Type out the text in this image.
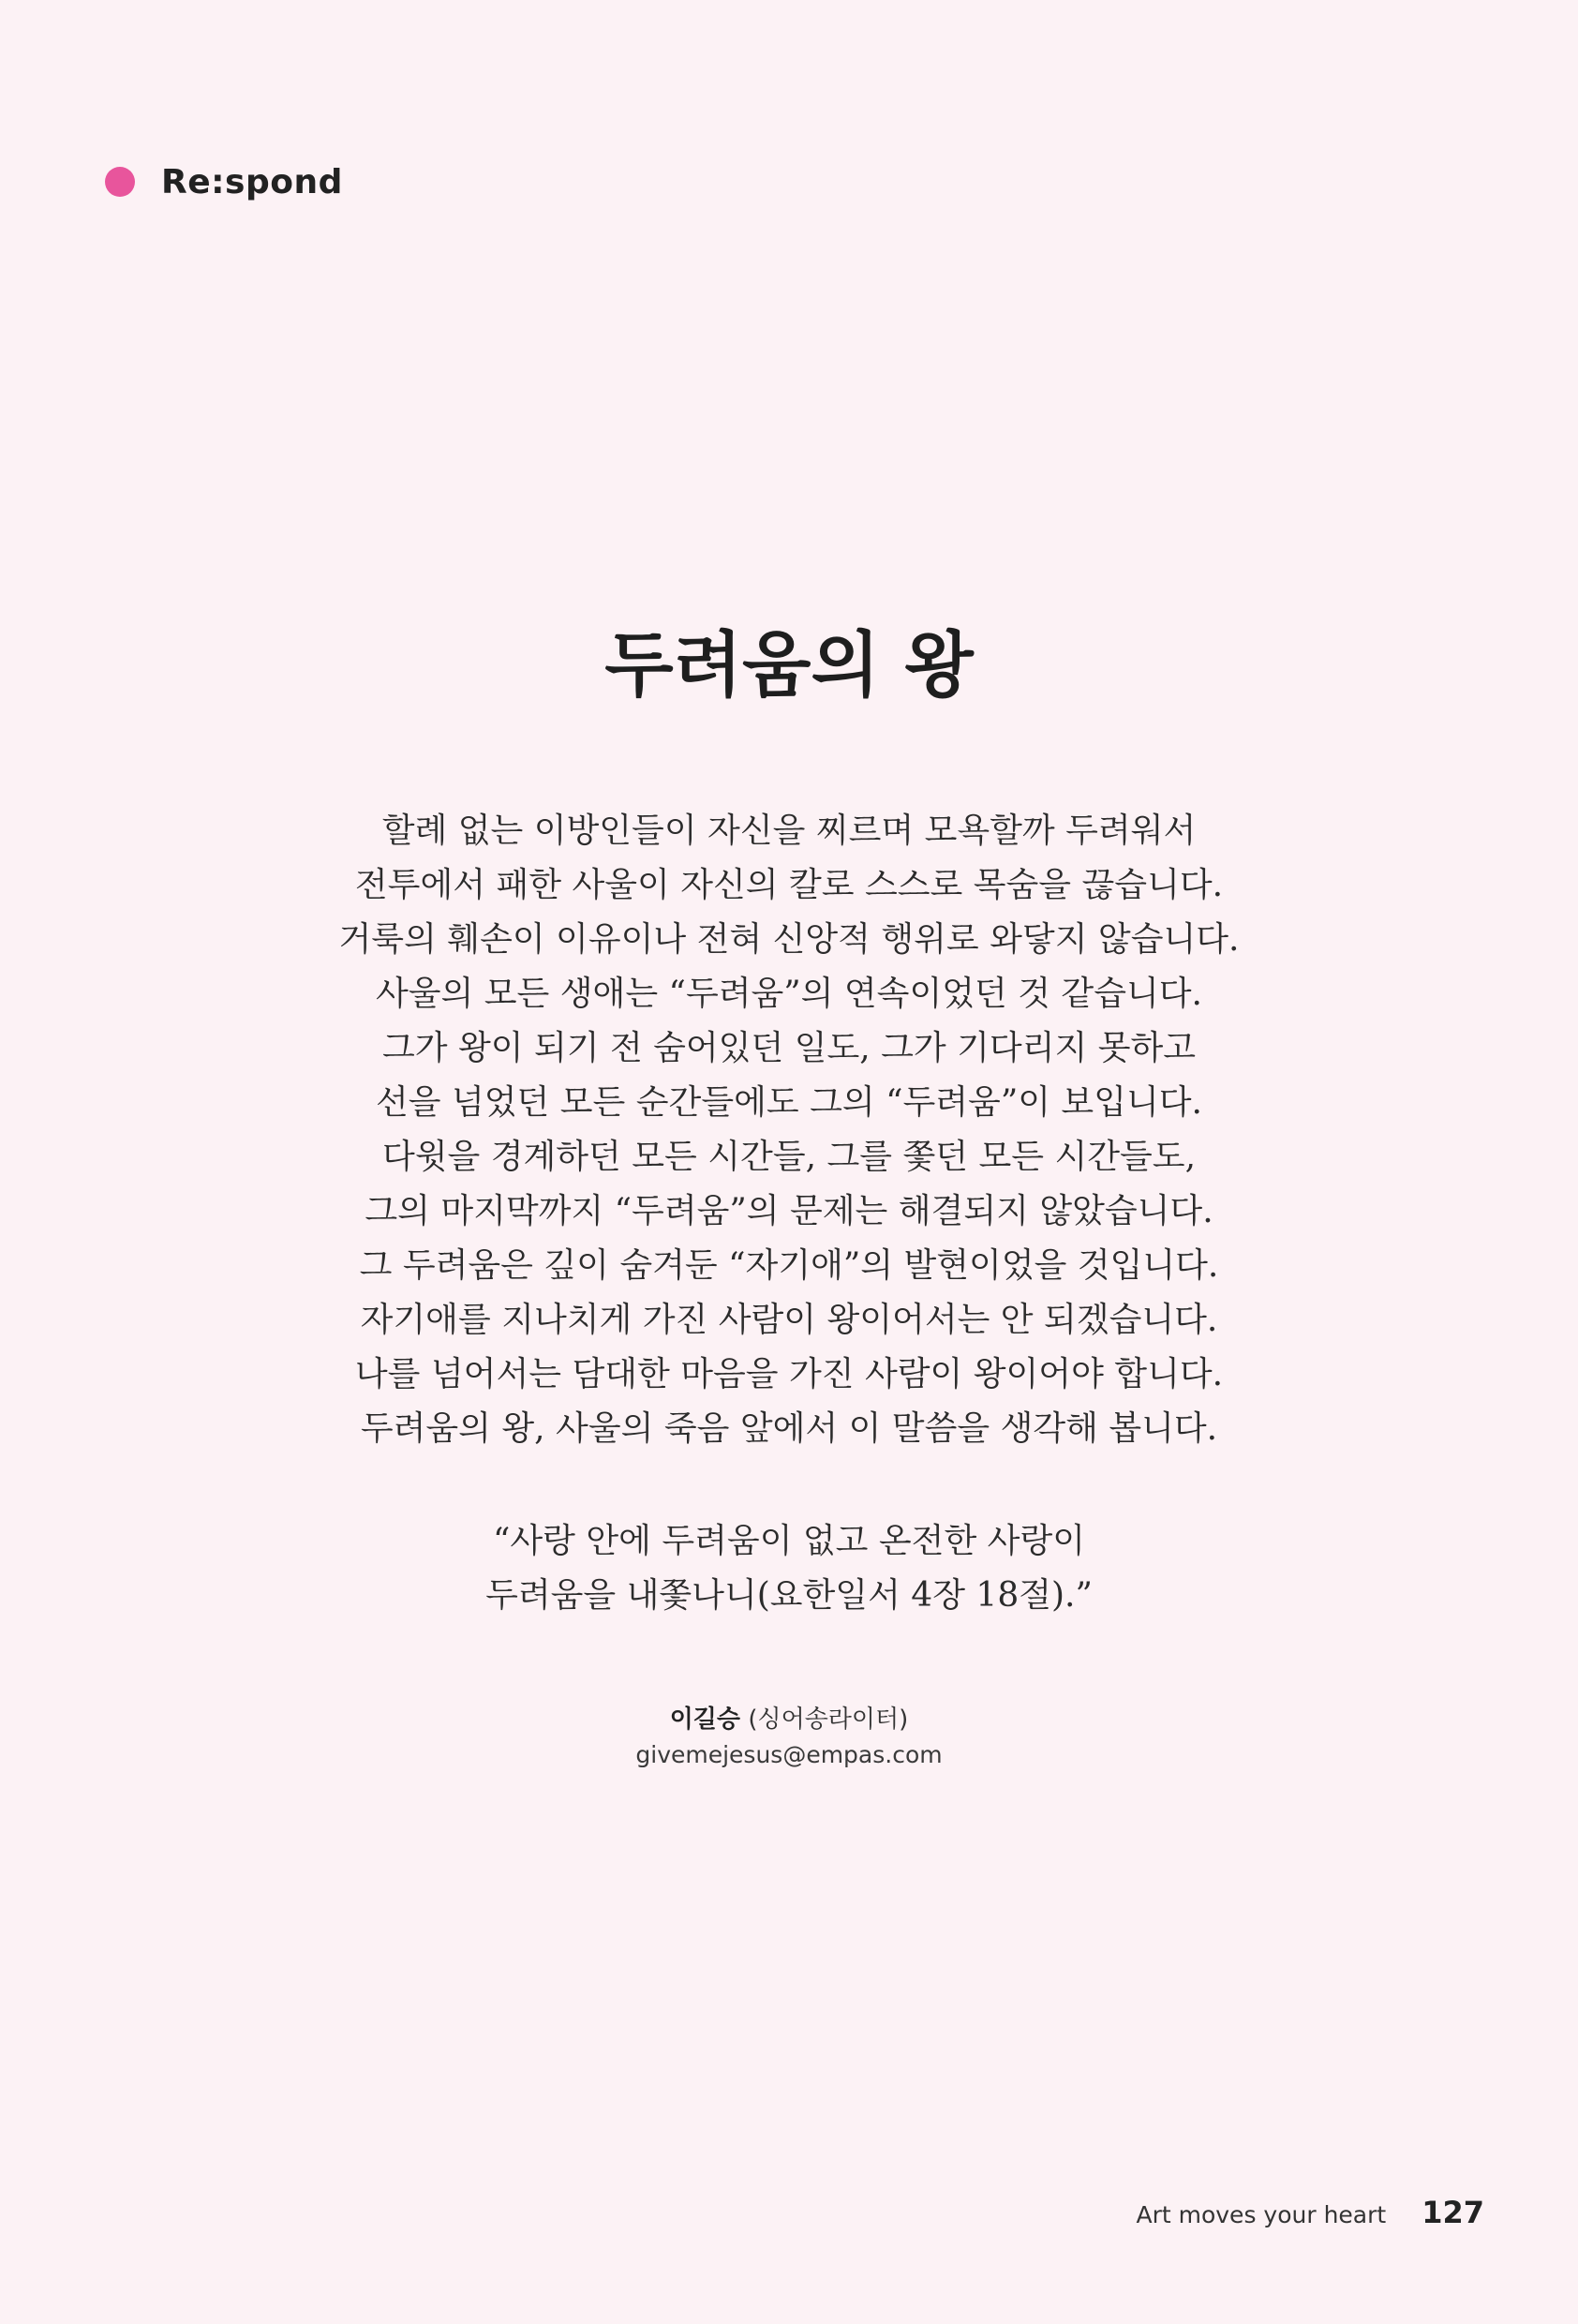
Re:spond
두려움의 왕
할례 없는 이방인들이 자신을 찌르며 모욕할까 두려워서
전투에서 패한 사울이 자신의 칼로 스스로 목숨을 끊습니다.
거룩의 훼손이 이유이나 전혀 신앙적 행위로 와닿지 않습니다.
사울의 모든 생애는 “두려움”의 연속이었던 것 같습니다.
그가 왕이 되기 전 숨어있던 일도, 그가 기다리지 못하고
선을 넘었던 모든 순간들에도 그의 “두려움”이 보입니다.
다윗을 경계하던 모든 시간들, 그를 쫓던 모든 시간들도,
그의 마지막까지 “두려움”의 문제는 해결되지 않았습니다.
그 두려움은 깊이 숨겨둔 “자기애”의 발현이었을 것입니다.
자기애를 지나치게 가진 사람이 왕이어서는 안 되겠습니다.
나를 넘어서는 담대한 마음을 가진 사람이 왕이어야 합니다.
두려움의 왕, 사울의 죽음 앞에서 이 말씀을 생각해 봅니다.
“사랑 안에 두려움이 없고 온전한 사랑이
두려움을 내쫓나니(요한일서 4장 18절).”
이길승 (싱어송라이터)
givemejesus@empas.com
Art moves your heart 127
